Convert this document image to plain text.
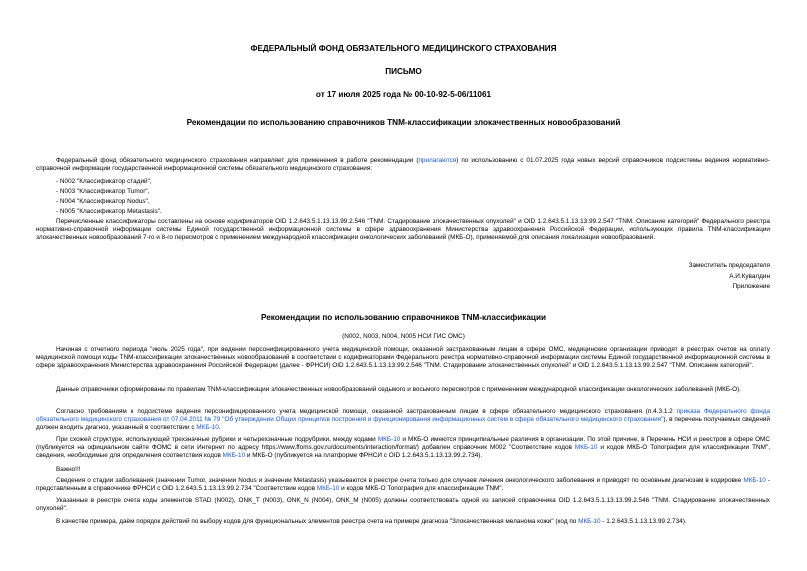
ФЕДЕРАЛЬНЫЙ ФОНД ОБЯЗАТЕЛЬНОГО МЕДИЦИНСКОГО СТРАХОВАНИЯ
ПИСЬМО
от 17 июля 2025 года № 00-10-92-5-06/11061
Рекомендации по использованию справочников TNM-классификации злокачественных новообразований
Федеральный фонд обязательного медицинского страхования направляет для применения в работе рекомендации (прилагаются) по использованию с 01.07.2025 года новых версий справочников подсистемы ведения нормативно-справочной информации государственной информационной системы обязательного медицинского страхования:
- N002 "Классификатор стадий",
- N003 "Классификатор Tumor",
- N004 "Классификатор Nodus",
- N005 "Классификатор Metastasis".
Перечисленные классификаторы составлены на основе кодификаторов OID 1.2.643.5.1.13.13.99.2.546 "TNM. Стадирование злокачественных опухолей" и OID 1.2.643.5.1.13.13.99.2.547 "TNM. Описание категорий" Федерального реестра нормативно-справочной информации системы Единой государственной информационной системы в сфере здравоохранения Министерства здравоохранения Российской Федерации, использующих правила TNM-классификации злокачественных новообразований 7-го и 8-го пересмотров с применением международной классификации онкологических заболеваний (МКБ-О), применяемой для описания локализации новообразований.
Заместитель председателя
А.И.Кувалдин
Приложение
Рекомендации по использованию справочников TNM-классификации
(N002, N003, N004, N005 НСИ ГИС ОМС)
Начиная с отчетного периода "июль 2025 года", при ведении персонифицированного учета медицинской помощи, оказанной застрахованным лицам в сфере ОМС, медицинские организации приводят в реестрах счетов на оплату медицинской помощи коды TNM-классификации злокачественных новообразований в соответствии с кодификаторами Федерального реестра нормативно-справочной информации системы Единой государственной информационной системы в сфере здравоохранения Министерства здравоохранения Российской Федерации (далее - ФРНСИ) OID 1.2.643.5.1.13.13.99.2.546 "TNM. Стадирование злокачественных опухолей" и OID 1.2.643.5.1.13.13.99.2.547 "TNM. Описание категорий".
Данные справочники сформированы по правилам TNM-классификации злокачественных новообразований седьмого и восьмого пересмотров с применением международной классификации онкологических заболеваний (МКБ-О).
Согласно требованиям к подсистеме ведения персонифицированного учета медицинской помощи, оказанной застрахованным лицам в сфере обязательного медицинского страхования (п.4.3.1.2 приказа Федерального фонда обязательного медицинского страхования от 07.04.2011 № 79 "Об утверждении Общих принципов построения и функционирования информационных систем в сфере обязательного медицинского страхования"), в перечень получаемых сведений должен входить диагноз, указанный в соответствии с МКБ-10.
При схожей структуре, использующей трехзначные рубрики и четырехзначные подрубрики, между кодами МКБ-10 и МКБ-О имеются принципиальные различия в организации. По этой причине, в Перечень НСИ и реестров в сфере ОМС (публикуется на официальном сайте ФОМС в сети Интернет по адресу https://www.ffoms.gov.ru/documents/interaction/format/) добавлен справочник M002 "Соответствие кодов МКБ-10 и кодов МКБ-О Топография для классификации TNM", сведения, необходимые для определения соответствия кодов МКБ-10 и МКБ-О (публикуется на платформе ФРНСИ с OID 1.2.643.5.1.13.13.99.2.734).
Важно!!!
Сведения о стадии заболевания (значении Tumor, значении Nodus и значении Metastasis) указываются в реестре счета только для случаев лечения онкологического заболевания и приводят по основным диагнозам в кодировке МКБ-10 - представленным в справочнике ФРНСИ с OID 1.2.643.5.1.13.13.99.2.734 "Соответствие кодов МКБ-10 и кодов МКБ-О Топография для классификации TNM".
Указанные в реестре счета коды элементов STAD (N002), ONK_T (N003), ONK_N (N004), ONK_M (N005) должны соответствовать одной из записей справочника OID 1.2.643.5.1.13.13.99.2.546 "TNM. Стадирование злокачественных опухолей".
В качестве примера, даём порядок действий по выбору кодов для функциональных элементов реестра счета на примере диагноза "Злокачественная меланома кожи" (код по МКБ-10 - 1.2.643.5.1.13.13.99.2.734).
